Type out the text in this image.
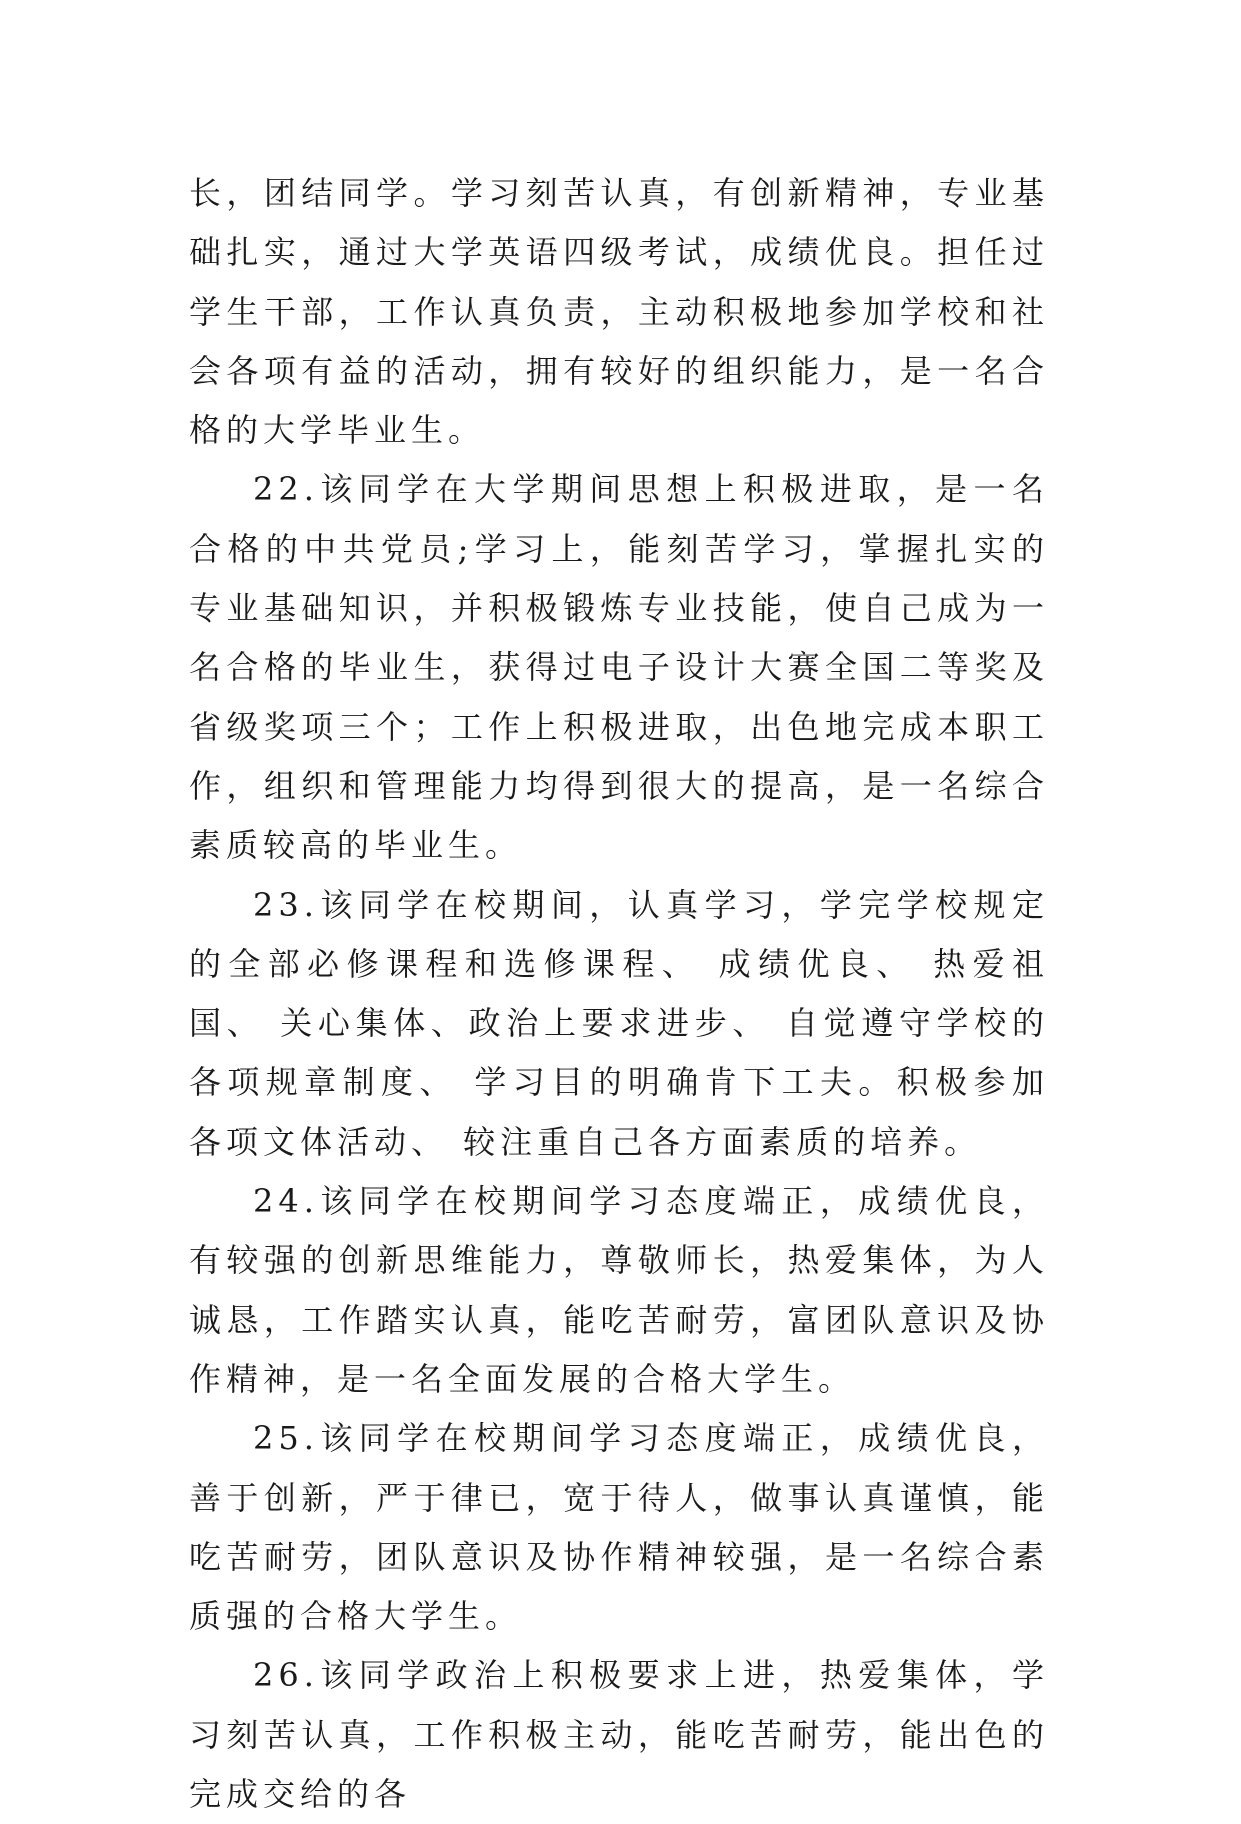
长，团结同学。学习刻苦认真，有创新精神，专业基础扎实，通过大学英语四级考试，成绩优良。担任过学生干部，工作认真负责，主动积极地参加学校和社会各项有益的活动，拥有较好的组织能力，是一名合格的大学毕业生。

22.该同学在大学期间思想上积极进取，是一名合格的中共党员;学习上，能刻苦学习，掌握扎实的专业基础知识，并积极锻炼专业技能，使自己成为一名合格的毕业生，获得过电子设计大赛全国二等奖及省级奖项三个；工作上积极进取，出色地完成本职工作，组织和管理能力均得到很大的提高，是一名综合素质较高的毕业生。

23.该同学在校期间，认真学习，学完学校规定的全部必修课程和选修课程、 成绩优良、 热爱祖国、 关心集体、政治上要求进步、 自觉遵守学校的各项规章制度、 学习目的明确肯下工夫。积极参加各项文体活动、 较注重自己各方面素质的培养。

24.该同学在校期间学习态度端正，成绩优良，有较强的创新思维能力，尊敬师长，热爱集体，为人诚恳，工作踏实认真，能吃苦耐劳，富团队意识及协作精神，是一名全面发展的合格大学生。

25.该同学在校期间学习态度端正，成绩优良，善于创新，严于律已，宽于待人，做事认真谨慎，能吃苦耐劳，团队意识及协作精神较强，是一名综合素质强的合格大学生。

26.该同学政治上积极要求上进，热爱集体，学习刻苦认真，工作积极主动，能吃苦耐劳，能出色的完成交给的各
